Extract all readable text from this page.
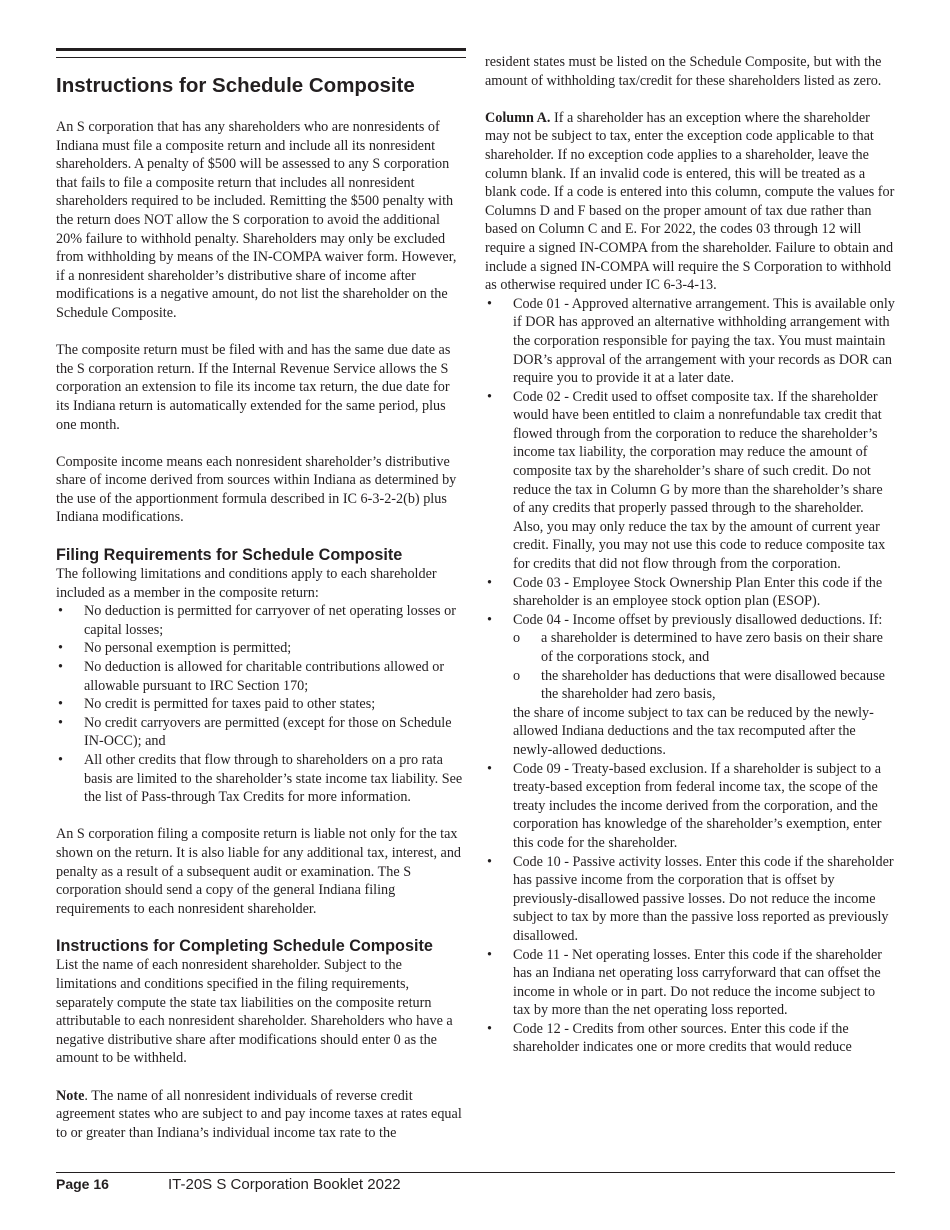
Instructions for Schedule Composite

An S corporation that has any shareholders who are nonresidents of Indiana must file a composite return and include all its nonresident shareholders. A penalty of $500 will be assessed to any S corporation that fails to file a composite return that includes all nonresident shareholders required to be included. Remitting the $500 penalty with the return does NOT allow the S corporation to avoid the additional 20% failure to withhold penalty. Shareholders may only be excluded from withholding by means of the IN-COMPA waiver form. However, if a nonresident shareholder’s distributive share of income after modifications is a negative amount, do not list the shareholder on the Schedule Composite.

The composite return must be filed with and has the same due date as the S corporation return. If the Internal Revenue Service allows the S corporation an extension to file its income tax return, the due date for its Indiana return is automatically extended for the same period, plus one month.

Composite income means each nonresident shareholder’s distributive share of income derived from sources within Indiana as determined by the use of the apportionment formula described in IC 6-3-2-2(b) plus Indiana modifications.

Filing Requirements for Schedule Composite

The following limitations and conditions apply to each shareholder included as a member in the composite return:

• No deduction is permitted for carryover of net operating losses or capital losses;
• No personal exemption is permitted;
• No deduction is allowed for charitable contributions allowed or allowable pursuant to IRC Section 170;
• No credit is permitted for taxes paid to other states;
• No credit carryovers are permitted (except for those on Schedule IN-OCC); and
• All other credits that flow through to shareholders on a pro rata basis are limited to the shareholder’s state income tax liability. See the list of Pass-through Tax Credits for more information.

An S corporation filing a composite return is liable not only for the tax shown on the return. It is also liable for any additional tax, interest, and penalty as a result of a subsequent audit or examination. The S corporation should send a copy of the general Indiana filing requirements to each nonresident shareholder.

Instructions for Completing Schedule Composite

List the name of each nonresident shareholder. Subject to the limitations and conditions specified in the filing requirements, separately compute the state tax liabilities on the composite return attributable to each nonresident shareholder. Shareholders who have a negative distributive share after modifications should enter 0 as the amount to be withheld.

Note. The name of all nonresident individuals of reverse credit agreement states who are subject to and pay income taxes at rates equal to or greater than Indiana’s individual income tax rate to the

resident states must be listed on the Schedule Composite, but with the amount of withholding tax/credit for these shareholders listed as zero.

Column A. If a shareholder has an exception where the shareholder may not be subject to tax, enter the exception code applicable to that shareholder. If no exception code applies to a shareholder, leave the column blank. If an invalid code is entered, this will be treated as a blank code. If a code is entered into this column, compute the values for Columns D and F based on the proper amount of tax due rather than based on Column C and E. For 2022, the codes 03 through 12 will require a signed IN-COMPA from the shareholder. Failure to obtain and include a signed IN-COMPA will require the S Corporation to withhold as otherwise required under IC 6-3-4-13.

• Code 01 - Approved alternative arrangement. This is available only if DOR has approved an alternative withholding arrangement with the corporation responsible for paying the tax. You must maintain DOR’s approval of the arrangement with your records as DOR can require you to provide it at a later date.
• Code 02 - Credit used to offset composite tax. If the shareholder would have been entitled to claim a nonrefundable tax credit that flowed through from the corporation to reduce the shareholder’s income tax liability, the corporation may reduce the amount of composite tax by the shareholder’s share of such credit. Do not reduce the tax in Column G by more than the shareholder’s share of any credits that properly passed through to the shareholder. Also, you may only reduce the tax by the amount of current year credit. Finally, you may not use this code to reduce composite tax for credits that did not flow through from the corporation.
• Code 03 - Employee Stock Ownership Plan Enter this code if the shareholder is an employee stock option plan (ESOP).
• Code 04 - Income offset by previously disallowed deductions. If:
o a shareholder is determined to have zero basis on their share of the corporations stock, and
o the shareholder has deductions that were disallowed because the shareholder had zero basis,
the share of income subject to tax can be reduced by the newly-allowed Indiana deductions and the tax recomputed after the newly-allowed deductions.
• Code 09 - Treaty-based exclusion. If a shareholder is subject to a treaty-based exception from federal income tax, the scope of the treaty includes the income derived from the corporation, and the corporation has knowledge of the shareholder’s exemption, enter this code for the shareholder.
• Code 10 - Passive activity losses. Enter this code if the shareholder has passive income from the corporation that is offset by previously-disallowed passive losses. Do not reduce the income subject to tax by more than the passive loss reported as previously disallowed.
• Code 11 - Net operating losses. Enter this code if the shareholder has an Indiana net operating loss carryforward that can offset the income in whole or in part. Do not reduce the income subject to tax by more than the net operating loss reported.
• Code 12 - Credits from other sources. Enter this code if the shareholder indicates one or more credits that would reduce
Page 16	IT-20S S Corporation Booklet 2022
